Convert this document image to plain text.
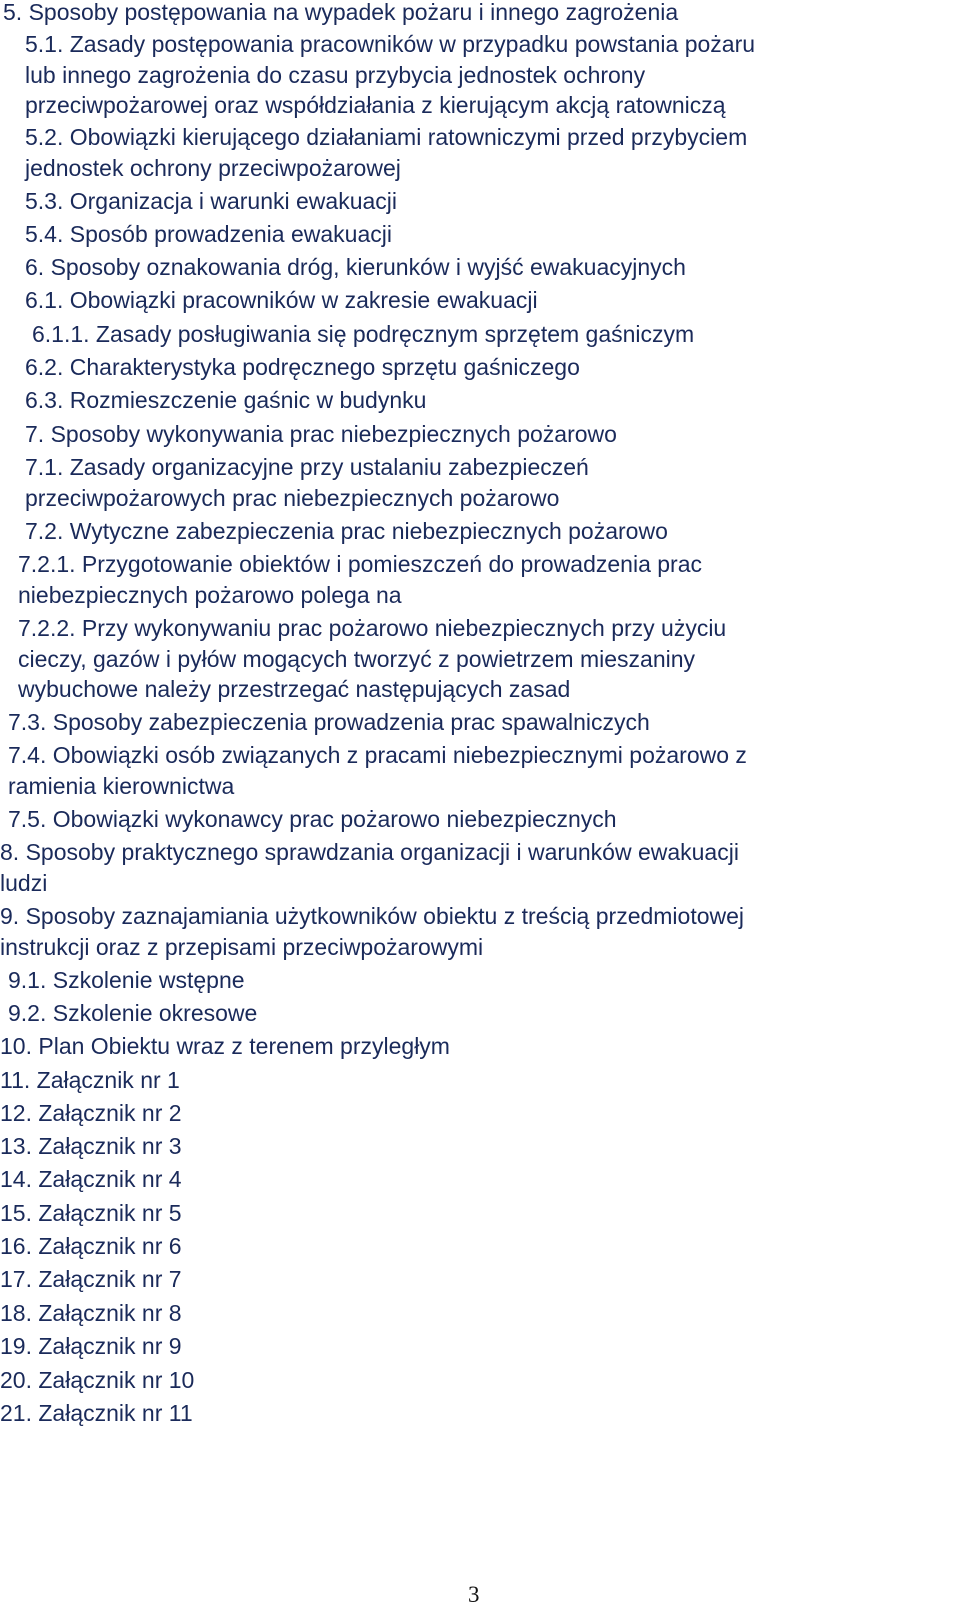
5. Sposoby postępowania na wypadek pożaru i innego zagrożenia
5.1. Zasady postępowania pracowników w przypadku powstania pożaru
lub innego zagrożenia do czasu przybycia jednostek ochrony
przeciwpożarowej oraz współdziałania z kierującym akcją ratowniczą
5.2. Obowiązki kierującego działaniami ratowniczymi przed przybyciem
jednostek ochrony przeciwpożarowej
5.3. Organizacja i warunki ewakuacji
5.4. Sposób prowadzenia ewakuacji
6. Sposoby oznakowania dróg, kierunków i wyjść ewakuacyjnych
6.1. Obowiązki pracowników w zakresie ewakuacji
6.1.1. Zasady posługiwania się podręcznym sprzętem gaśniczym
6.2. Charakterystyka podręcznego sprzętu gaśniczego
6.3. Rozmieszczenie gaśnic w budynku
7. Sposoby wykonywania prac niebezpiecznych pożarowo
7.1. Zasady organizacyjne przy ustalaniu zabezpieczeń
przeciwpożarowych prac niebezpiecznych pożarowo
7.2. Wytyczne zabezpieczenia prac niebezpiecznych pożarowo
7.2.1. Przygotowanie obiektów i pomieszczeń do prowadzenia prac
niebezpiecznych pożarowo polega na
7.2.2. Przy wykonywaniu prac pożarowo niebezpiecznych przy użyciu
cieczy, gazów i pyłów mogących tworzyć z powietrzem mieszaniny
wybuchowe należy przestrzegać następujących zasad
7.3. Sposoby zabezpieczenia prowadzenia prac spawalniczych
7.4. Obowiązki osób związanych z pracami niebezpiecznymi pożarowo z
ramienia kierownictwa
7.5. Obowiązki wykonawcy prac pożarowo niebezpiecznych
8. Sposoby praktycznego sprawdzania organizacji i warunków ewakuacji
ludzi
9. Sposoby zaznajamiania użytkowników obiektu z treścią przedmiotowej
instrukcji oraz z przepisami przeciwpożarowymi
9.1. Szkolenie wstępne
9.2. Szkolenie okresowe
10. Plan Obiektu wraz z terenem przyległym
11. Załącznik nr 1
12. Załącznik nr 2
13. Załącznik nr 3
14. Załącznik nr 4
15. Załącznik nr 5
16. Załącznik nr 6
17. Załącznik nr 7
18. Załącznik nr 8
19. Załącznik nr 9
20. Załącznik nr 10
21. Załącznik nr 11
3
